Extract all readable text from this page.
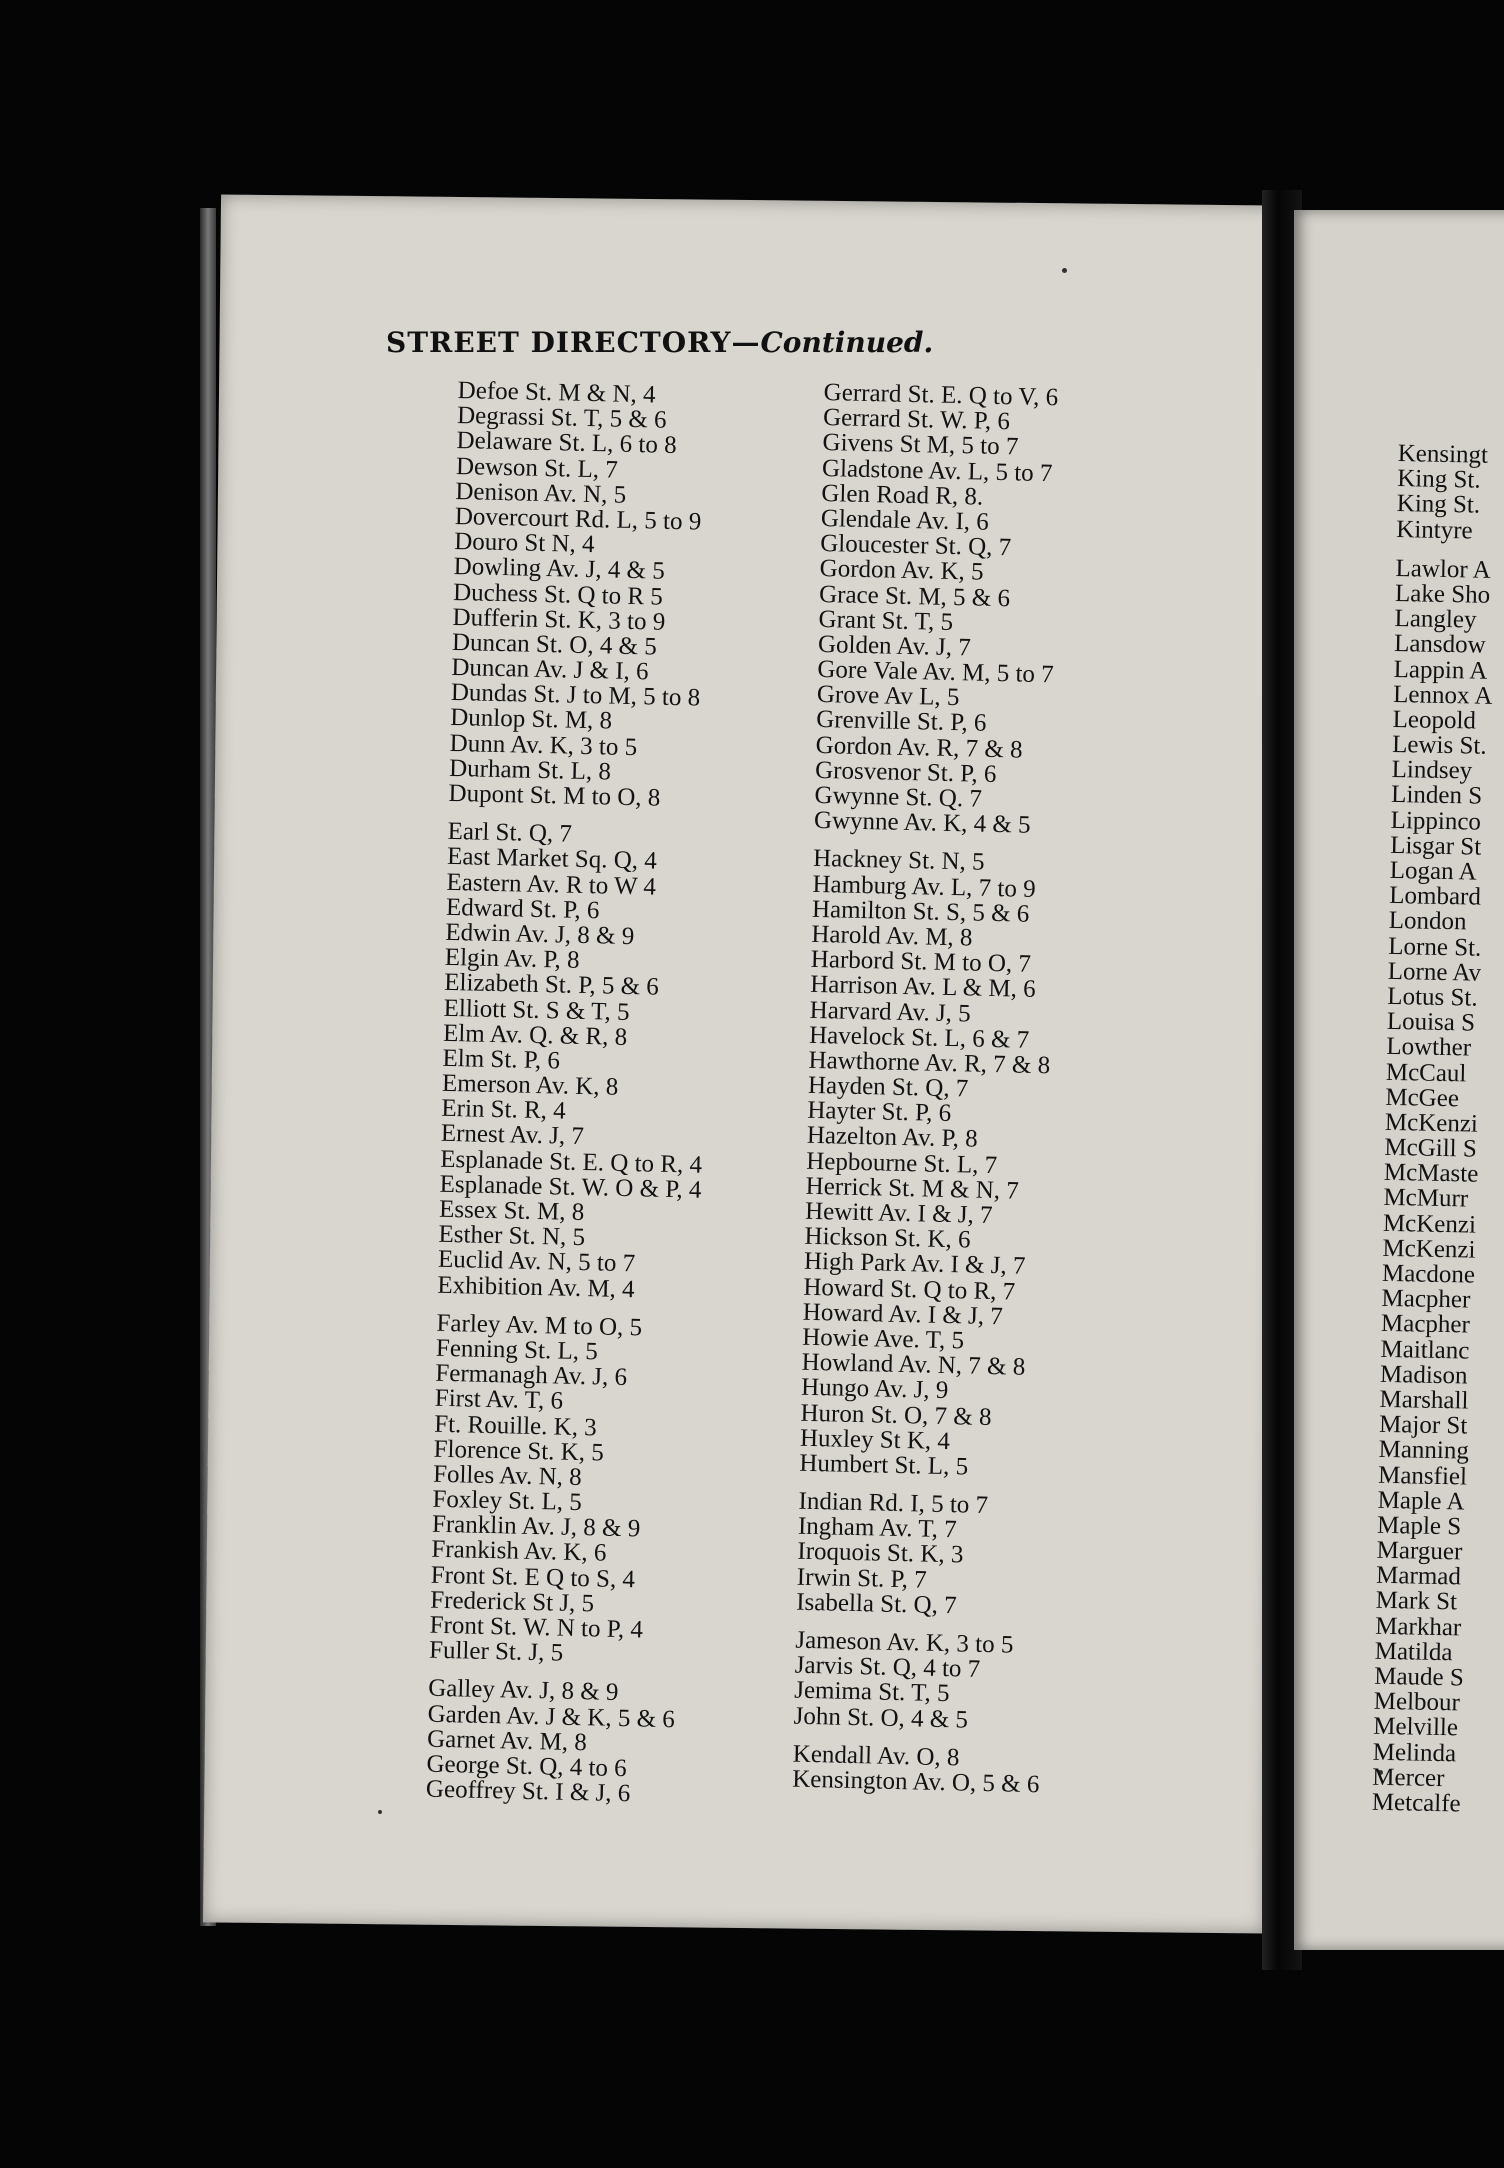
STREET DIRECTORY—Continued.
Defoe St. M & N, 4
Degrassi St. T, 5 & 6
Delaware St. L, 6 to 8
Dewson St. L, 7
Denison Av. N, 5
Dovercourt Rd. L, 5 to 9
Douro St N, 4
Dowling Av. J, 4 & 5
Duchess St. Q to R 5
Dufferin St. K, 3 to 9
Duncan St. O, 4 & 5
Duncan Av. J & I, 6
Dundas St. J to M, 5 to 8
Dunlop St. M, 8
Dunn Av. K, 3 to 5
Durham St. L, 8
Dupont St. M to O, 8
Earl St. Q, 7
East Market Sq. Q, 4
Eastern Av. R to W 4
Edward St. P, 6
Edwin Av. J, 8 & 9
Elgin Av. P, 8
Elizabeth St. P, 5 & 6
Elliott St. S & T, 5
Elm Av. Q. & R, 8
Elm St. P, 6
Emerson Av. K, 8
Erin St. R, 4
Ernest Av. J, 7
Esplanade St. E. Q to R, 4
Esplanade St. W. O & P, 4
Essex St. M, 8
Esther St. N, 5
Euclid Av. N, 5 to 7
Exhibition Av. M, 4
Farley Av. M to O, 5
Fenning St. L, 5
Fermanagh Av. J, 6
First Av. T, 6
Ft. Rouille. K, 3
Florence St. K, 5
Folles Av. N, 8
Foxley St. L, 5
Franklin Av. J, 8 & 9
Frankish Av. K, 6
Front St. E Q to S, 4
Frederick St J, 5
Front St. W. N to P, 4
Fuller St. J, 5
Galley Av. J, 8 & 9
Garden Av. J & K, 5 & 6
Garnet Av. M, 8
George St. Q, 4 to 6
Geoffrey St. I & J, 6
Gerrard St. E. Q to V, 6
Gerrard St. W. P, 6
Givens St M, 5 to 7
Gladstone Av. L, 5 to 7
Glen Road R, 8.
Glendale Av. I, 6
Gloucester St. Q, 7
Gordon Av. K, 5
Grace St. M, 5 & 6
Grant St. T, 5
Golden Av. J, 7
Gore Vale Av. M, 5 to 7
Grove Av L, 5
Grenville St. P, 6
Gordon Av. R, 7 & 8
Grosvenor St. P, 6
Gwynne St. Q. 7
Gwynne Av. K, 4 & 5
Hackney St. N, 5
Hamburg Av. L, 7 to 9
Hamilton St. S, 5 & 6
Harold Av. M, 8
Harbord St. M to O, 7
Harrison Av. L & M, 6
Harvard Av. J, 5
Havelock St. L, 6 & 7
Hawthorne Av. R, 7 & 8
Hayden St. Q, 7
Hayter St. P, 6
Hazelton Av. P, 8
Hepbourne St. L, 7
Herrick St. M & N, 7
Hewitt Av. I & J, 7
Hickson St. K, 6
High Park Av. I & J, 7
Howard St. Q to R, 7
Howard Av. I & J, 7
Howie Ave. T, 5
Howland Av. N, 7 & 8
Hungo Av. J, 9
Huron St. O, 7 & 8
Huxley St K, 4
Humbert St. L, 5
Indian Rd. I, 5 to 7
Ingham Av. T, 7
Iroquois St. K, 3
Irwin St. P, 7
Isabella St. Q, 7
Jameson Av. K, 3 to 5
Jarvis St. Q, 4 to 7
Jemima St. T, 5
John St. O, 4 & 5
Kendall Av. O, 8
Kensington Av. O, 5 & 6
Kensingt
King St.
King St.
Kintyre
Lawlor A
Lake Sho
Langley
Lansdow
Lappin A
Lennox A
Leopold
Lewis St.
Lindsey
Linden S
Lippinco
Lisgar St
Logan A
Lombard
London
Lorne St.
Lorne Av
Lotus St.
Louisa S
Lowther
McCaul
McGee
McKenzi
McGill S
McMaste
McMurr
McKenzi
McKenzi
Macdone
Macpher
Macpher
Maitlanc
Madison
Marshall
Major St
Manning
Mansfiel
Maple A
Maple S
Marguer
Marmad
Mark St
Markhar
Matilda
Maude S
Melbour
Melville
Melinda
Mercer
Metcalfe
